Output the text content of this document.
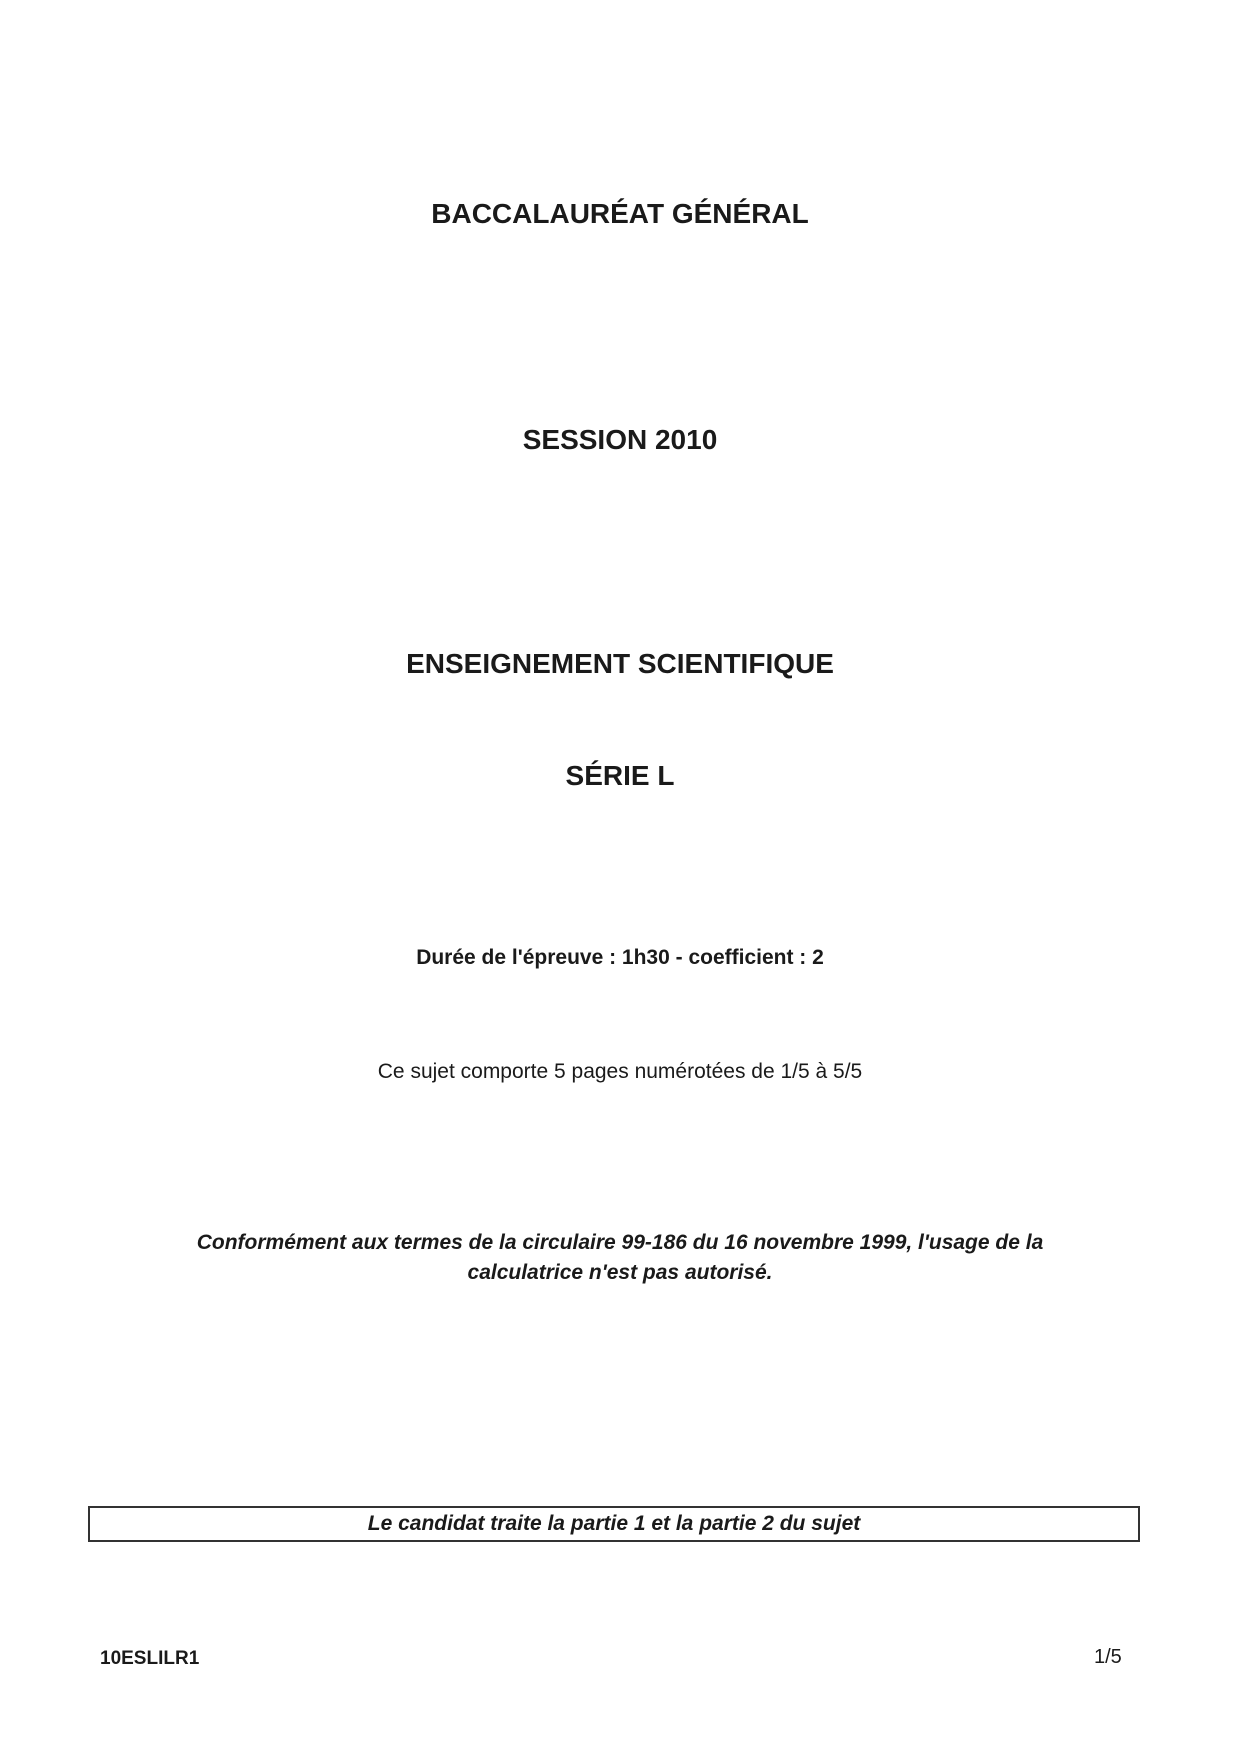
BACCALAURÉAT GÉNÉRAL
SESSION 2010
ENSEIGNEMENT SCIENTIFIQUE
SÉRIE L
Durée de l'épreuve : 1h30 - coefficient : 2
Ce sujet comporte 5 pages numérotées de 1/5 à 5/5
Conformément aux termes de la circulaire 99-186 du 16 novembre 1999, l'usage de la
calculatrice n'est pas autorisé.
Le candidat traite la partie 1 et la partie 2 du sujet
10ESLILR1	1/5
